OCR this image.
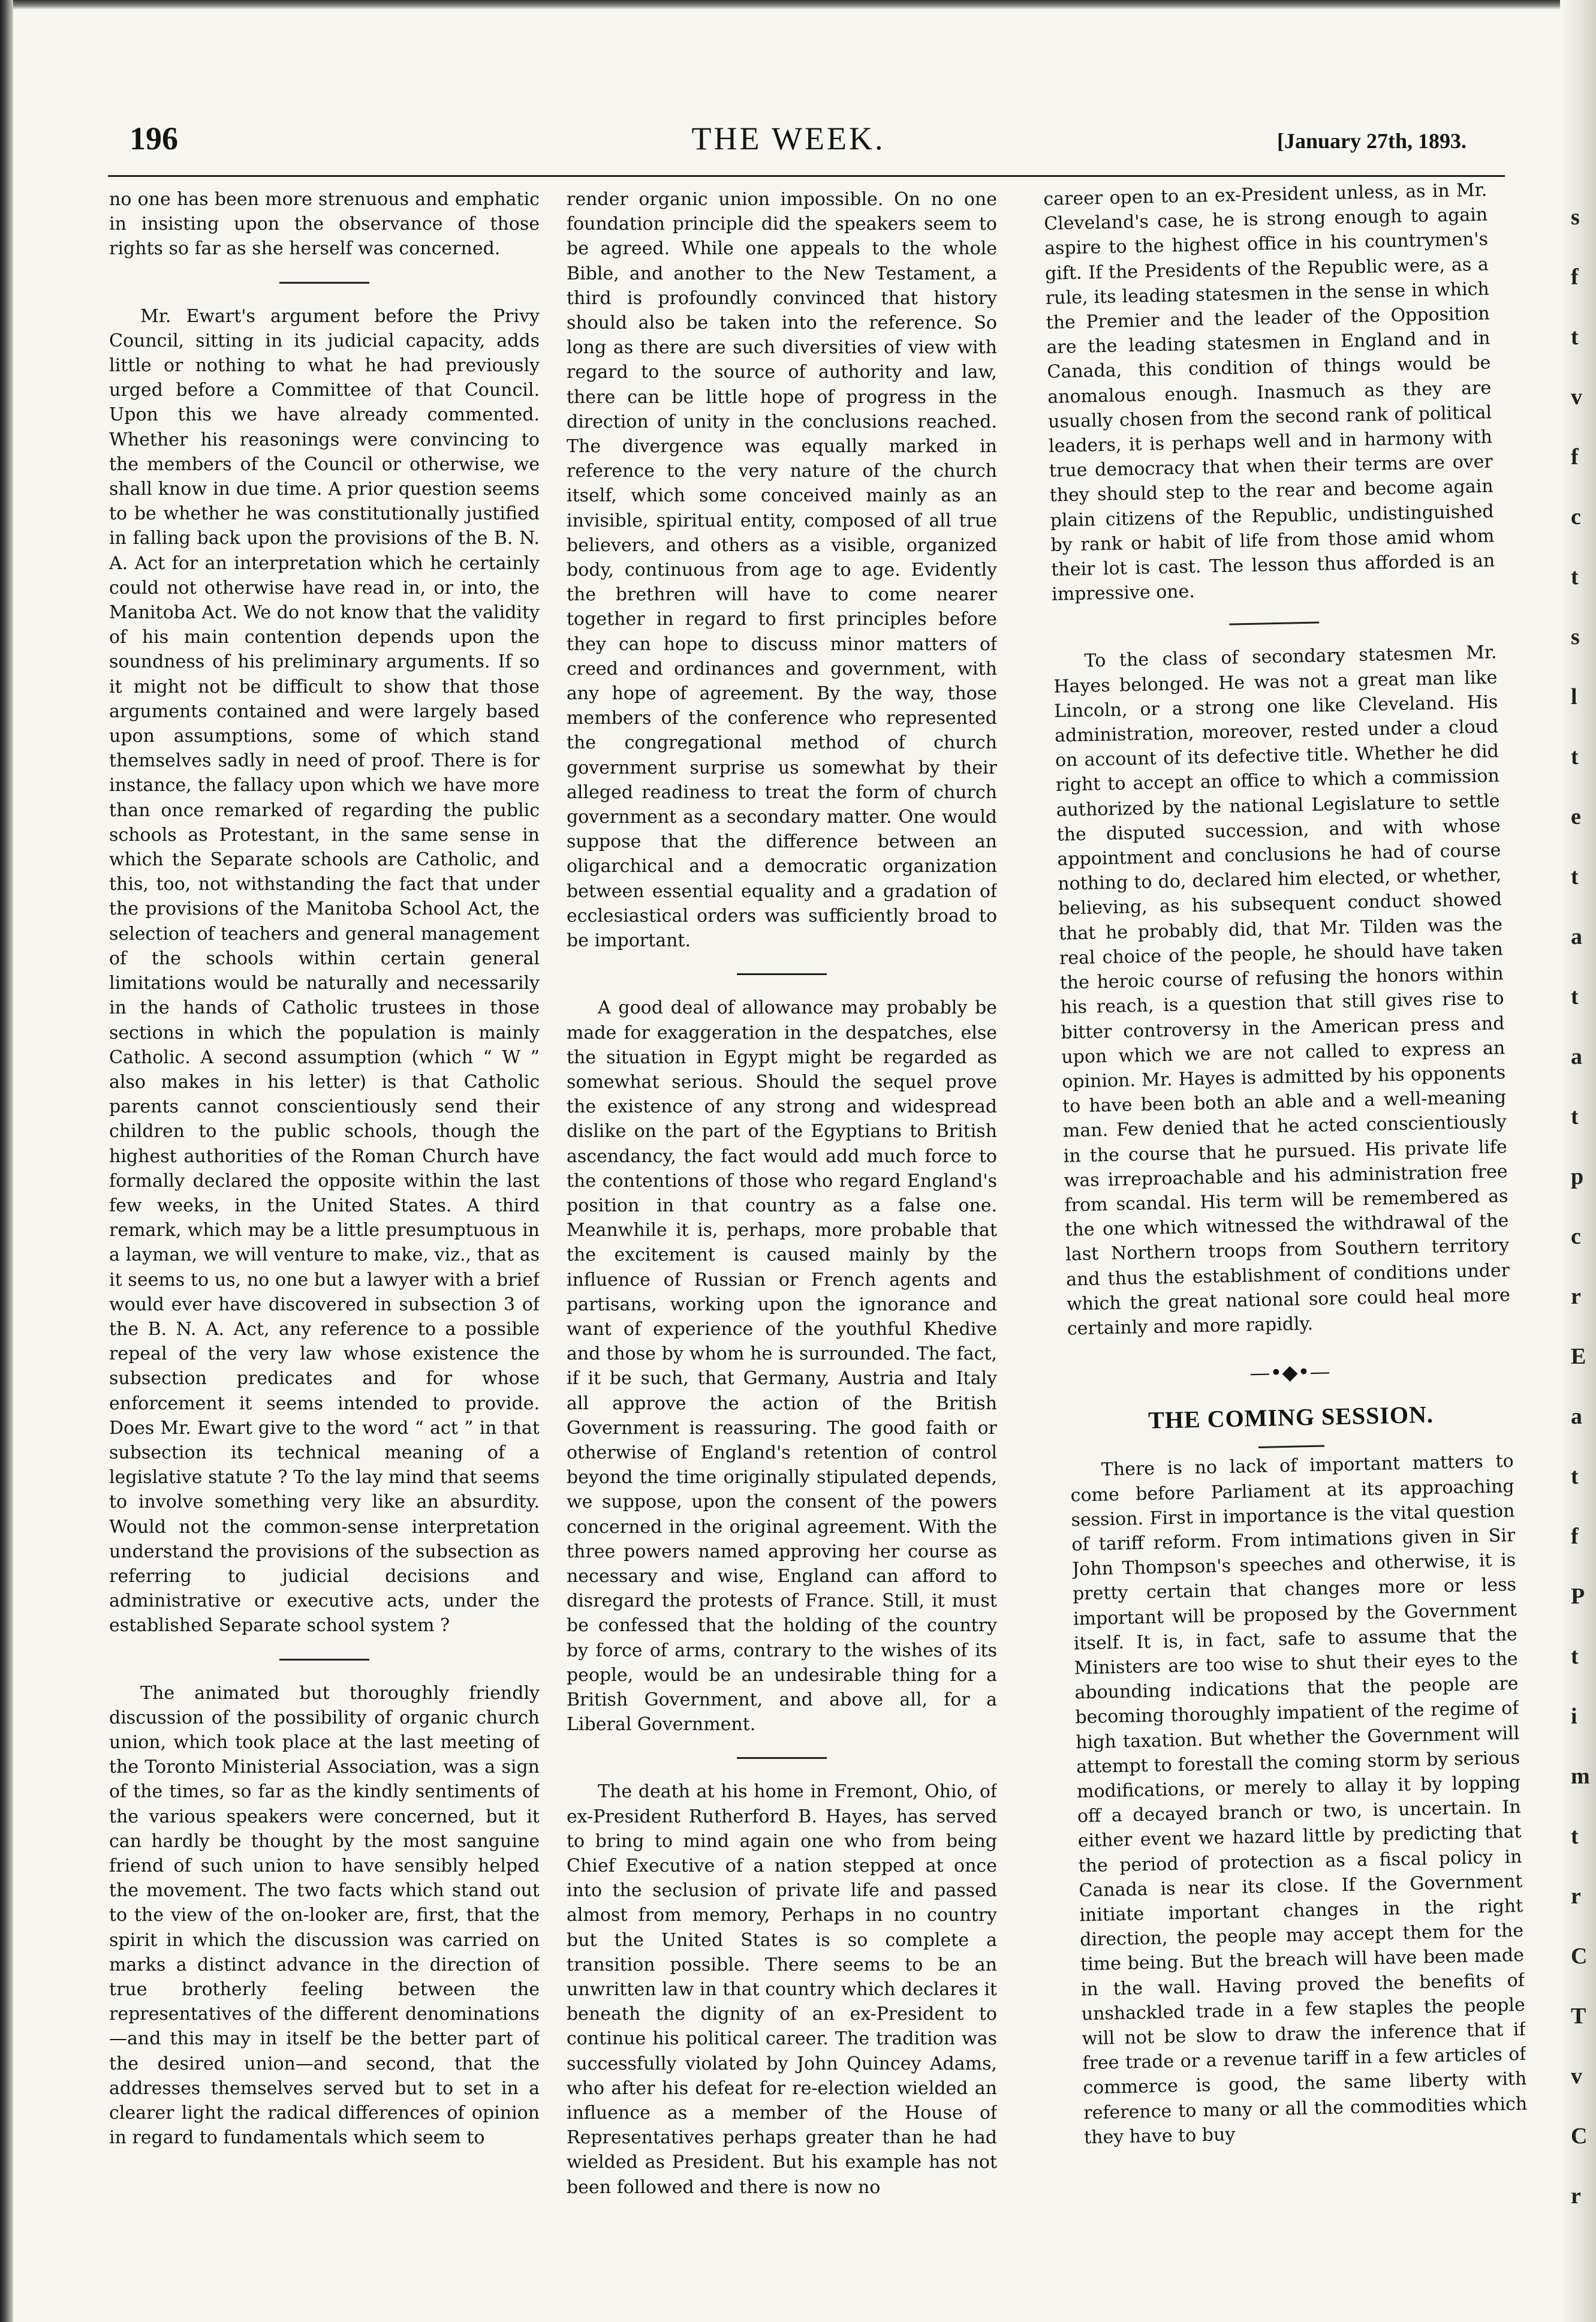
196	THE WEEK.	[January 27th, 1893.

no one has been more strenuous and emphatic in insisting upon the observance of those rights so far as she herself was concerned.

Mr. Ewart's argument before the Privy Council, sitting in its judicial capacity, adds little or nothing to what he had previously urged before a Committee of that Council. Upon this we have already commented. Whether his reasonings were convincing to the members of the Council or otherwise, we shall know in due time. A prior question seems to be whether he was constitutionally justified in falling back upon the provisions of the B. N. A. Act for an interpretation which he certainly could not otherwise have read in, or into, the Manitoba Act. We do not know that the validity of his main contention depends upon the soundness of his preliminary arguments. If so it might not be difficult to show that those arguments contained and were largely based upon assumptions, some of which stand themselves sadly in need of proof. There is for instance, the fallacy upon which we have more than once remarked of regarding the public schools as Protestant, in the same sense in which the Separate schools are Catholic, and this, too, not withstanding the fact that under the provisions of the Manitoba School Act, the selection of teachers and general management of the schools within certain general limitations would be naturally and necessarily in the hands of Catholic trustees in those sections in which the population is mainly Catholic. A second assumption (which “ W ” also makes in his letter) is that Catholic parents cannot conscientiously send their children to the public schools, though the highest authorities of the Roman Church have formally declared the opposite within the last few weeks, in the United States. A third remark, which may be a little presumptuous in a layman, we will venture to make, viz., that as it seems to us, no one but a lawyer with a brief would ever have discovered in subsection 3 of the B. N. A. Act, any reference to a possible repeal of the very law whose existence the subsection predicates and for whose enforcement it seems intended to provide. Does Mr. Ewart give to the word “ act ” in that subsection its technical meaning of a legislative statute ? To the lay mind that seems to involve something very like an absurdity. Would not the common-sense interpretation understand the provisions of the subsection as referring to judicial decisions and administrative or executive acts, under the established Separate school system ?

The animated but thoroughly friendly discussion of the possibility of organic church union, which took place at the last meeting of the Toronto Ministerial Association, was a sign of the times, so far as the kindly sentiments of the various speakers were concerned, but it can hardly be thought by the most sanguine friend of such union to have sensibly helped the movement. The two facts which stand out to the view of the on-looker are, first, that the spirit in which the discussion was carried on marks a distinct advance in the direction of true brotherly feeling between the representatives of the different denominations —and this may in itself be the better part of the desired union—and second, that the addresses themselves served but to set in a clearer light the radical differences of opinion in regard to fundamentals which seem to

render organic union impossible. On no one foundation principle did the speakers seem to be agreed. While one appeals to the whole Bible, and another to the New Testament, a third is profoundly convinced that history should also be taken into the reference. So long as there are such diversities of view with regard to the source of authority and law, there can be little hope of progress in the direction of unity in the conclusions reached. The divergence was equally marked in reference to the very nature of the church itself, which some conceived mainly as an invisible, spiritual entity, composed of all true believers, and others as a visible, organized body, continuous from age to age. Evidently the brethren will have to come nearer together in regard to first principles before they can hope to discuss minor matters of creed and ordinances and government, with any hope of agreement. By the way, those members of the conference who represented the congregational method of church government surprise us somewhat by their alleged readiness to treat the form of church government as a secondary matter. One would suppose that the difference between an oligarchical and a democratic organization between essential equality and a gradation of ecclesiastical orders was sufficiently broad to be important.

A good deal of allowance may probably be made for exaggeration in the despatches, else the situation in Egypt might be regarded as somewhat serious. Should the sequel prove the existence of any strong and widespread dislike on the part of the Egyptians to British ascendancy, the fact would add much force to the contentions of those who regard England's position in that country as a false one. Meanwhile it is, perhaps, more probable that the excitement is caused mainly by the influence of Russian or French agents and partisans, working upon the ignorance and want of experience of the youthful Khedive and those by whom he is surrounded. The fact, if it be such, that Germany, Austria and Italy all approve the action of the British Government is reassuring. The good faith or otherwise of England's retention of control beyond the time originally stipulated depends, we suppose, upon the consent of the powers concerned in the original agreement. With the three powers named approving her course as necessary and wise, England can afford to disregard the protests of France. Still, it must be confessed that the holding of the country by force of arms, contrary to the wishes of its people, would be an undesirable thing for a British Government, and above all, for a Liberal Government.

The death at his home in Fremont, Ohio, of ex-President Rutherford B. Hayes, has served to bring to mind again one who from being Chief Executive of a nation stepped at once into the seclusion of private life and passed almost from memory, Perhaps in no country but the United States is so complete a transition possible. There seems to be an unwritten law in that country which declares it beneath the dignity of an ex-President to continue his political career. The tradition was successfully violated by John Quincey Adams, who after his defeat for re-election wielded an influence as a member of the House of Representatives perhaps greater than he had wielded as President. But his example has not been followed and there is now no

career open to an ex-President unless, as in Mr. Cleveland's case, he is strong enough to again aspire to the highest office in his countrymen's gift. If the Presidents of the Republic were, as a rule, its leading statesmen in the sense in which the Premier and the leader of the Opposition are the leading statesmen in England and in Canada, this condition of things would be anomalous enough. Inasmuch as they are usually chosen from the second rank of political leaders, it is perhaps well and in harmony with true democracy that when their terms are over they should step to the rear and become again plain citizens of the Republic, undistinguished by rank or habit of life from those amid whom their lot is cast. The lesson thus afforded is an impressive one.

To the class of secondary statesmen Mr. Hayes belonged. He was not a great man like Lincoln, or a strong one like Cleveland. His administration, moreover, rested under a cloud on account of its defective title. Whether he did right to accept an office to which a commission authorized by the national Legislature to settle the disputed succession, and with whose appointment and conclusions he had of course nothing to do, declared him elected, or whether, believing, as his subsequent conduct showed that he probably did, that Mr. Tilden was the real choice of the people, he should have taken the heroic course of refusing the honors within his reach, is a question that still gives rise to bitter controversy in the American press and upon which we are not called to express an opinion. Mr. Hayes is admitted by his opponents to have been both an able and a well-meaning man. Few denied that he acted conscientiously in the course that he pursued. His private life was irreproachable and his administration free from scandal. His term will be remembered as the one which witnessed the withdrawal of the last Northern troops from Southern territory and thus the establishment of conditions under which the great national sore could heal more certainly and more rapidly.

—•◆•—
THE COMING SESSION.

There is no lack of important matters to come before Parliament at its approaching session. First in importance is the vital question of tariff reform. From intimations given in Sir John Thompson's speeches and otherwise, it is pretty certain that changes more or less important will be proposed by the Government itself. It is, in fact, safe to assume that the Ministers are too wise to shut their eyes to the abounding indications that the people are becoming thoroughly impatient of the regime of high taxation. But whether the Government will attempt to forestall the coming storm by serious modifications, or merely to allay it by lopping off a decayed branch or two, is uncertain. In either event we hazard little by predicting that the period of protection as a fiscal policy in Canada is near its close. If the Government initiate important changes in the right direction, the people may accept them for the time being. But the breach will have been made in the wall. Having proved the benefits of unshackled trade in a few staples the people will not be slow to draw the inference that if free trade or a revenue tariff in a few articles of commerce is good, the same liberty with reference to many or all the commodities which they have to buy

s
f
t
v
f
c
t
s
l
t
e
t
a
t
a
t
p
c
r
E
a
t
f
P
t
i
m
t
r
C
T
v
C
r
